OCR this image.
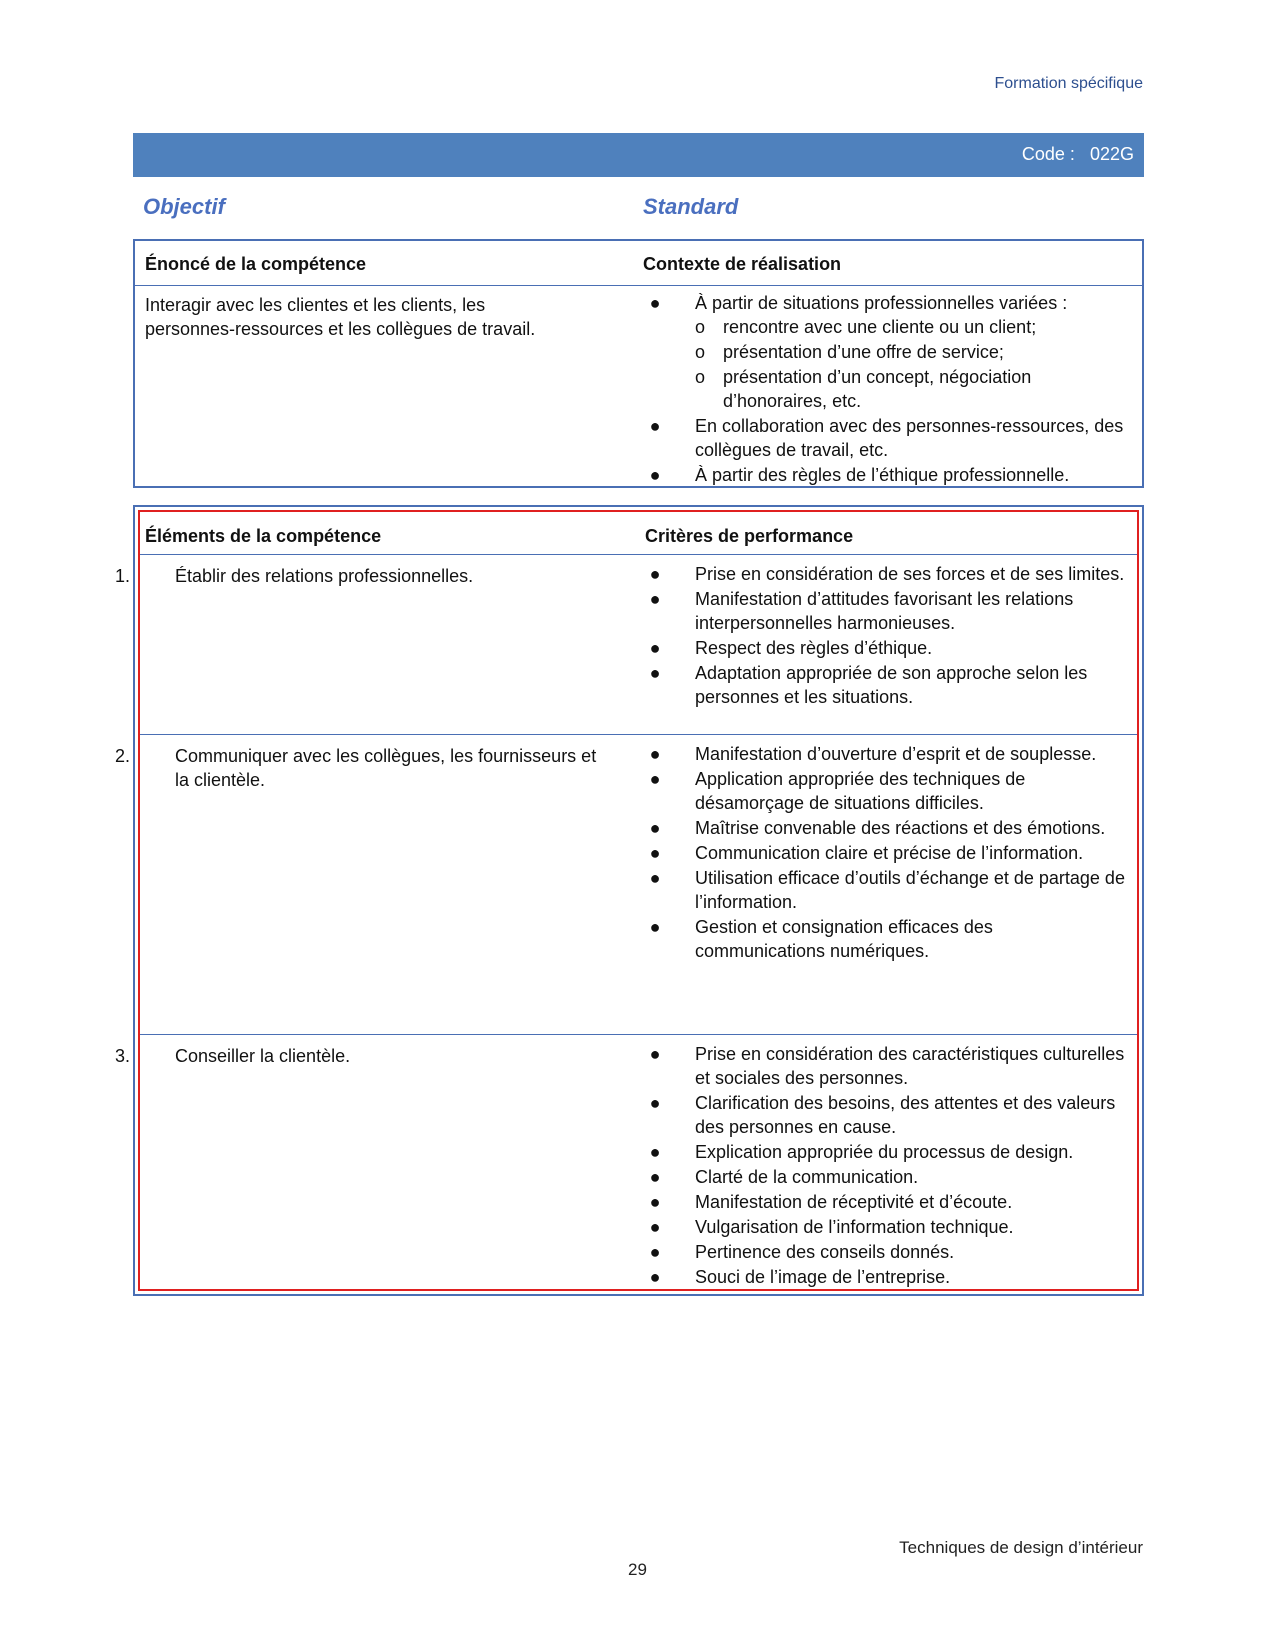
Formation spécifique
Code : 022G
Objectif	Standard
Énoncé de la compétence	Contexte de réalisation
Interagir avec les clientes et les clients, les
personnes-ressources et les collègues de travail.
● À partir de situations professionnelles variées :
o rencontre avec une cliente ou un client;
o présentation d’une offre de service;
o présentation d’un concept, négociation d’honoraires, etc.
● En collaboration avec des personnes-ressources, des collègues de travail, etc.
● À partir des règles de l’éthique professionnelle.
Éléments de la compétence	Critères de performance
1. Établir des relations professionnelles.	● Prise en considération de ses forces et de ses limites.
● Manifestation d’attitudes favorisant les relations interpersonnelles harmonieuses.
● Respect des règles d’éthique.
● Adaptation appropriée de son approche selon les personnes et les situations.
2. Communiquer avec les collègues, les fournisseurs et la clientèle.
● Manifestation d’ouverture d’esprit et de souplesse.
● Application appropriée des techniques de désamorçage de situations difficiles.
● Maîtrise convenable des réactions et des émotions.
● Communication claire et précise de l’information.
● Utilisation efficace d’outils d’échange et de partage de l’information.
● Gestion et consignation efficaces des communications numériques.
3. Conseiller la clientèle.	● Prise en considération des caractéristiques culturelles et sociales des personnes.
● Clarification des besoins, des attentes et des valeurs des personnes en cause.
● Explication appropriée du processus de design.
● Clarté de la communication.
● Manifestation de réceptivité et d’écoute.
● Vulgarisation de l’information technique.
● Pertinence des conseils donnés.
● Souci de l’image de l’entreprise.
Techniques de design d’intérieur
29
